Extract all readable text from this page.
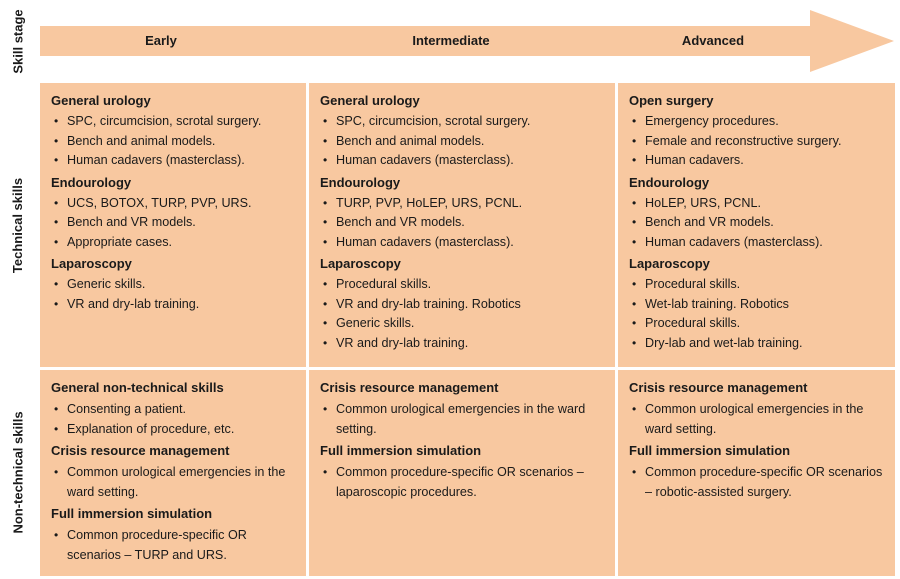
Skill stage
Technical skills
Non-technical skills
Early	Intermediate	Advanced
General urology
• SPC, circumcision, scrotal surgery.
• Bench and animal models.
• Human cadavers (masterclass).
Endourology
• UCS, BOTOX, TURP, PVP, URS.
• Bench and VR models.
• Appropriate cases.
Laparoscopy
• Generic skills.
• VR and dry-lab training.
General urology
• SPC, circumcision, scrotal surgery.
• Bench and animal models.
• Human cadavers (masterclass).
Endourology
• TURP, PVP, HoLEP, URS, PCNL.
• Bench and VR models.
• Human cadavers (masterclass).
Laparoscopy
• Procedural skills.
• VR and dry-lab training. Robotics
• Generic skills.
• VR and dry-lab training.
Open surgery
• Emergency procedures.
• Female and reconstructive surgery.
• Human cadavers.
Endourology
• HoLEP, URS, PCNL.
• Bench and VR models.
• Human cadavers (masterclass).
Laparoscopy
• Procedural skills.
• Wet-lab training. Robotics
• Procedural skills.
• Dry-lab and wet-lab training.
General non-technical skills
• Consenting a patient.
• Explanation of procedure, etc.
Crisis resource management
• Common urological emergencies in the ward setting.
Full immersion simulation
• Common procedure-specific OR scenarios – TURP and URS.
Crisis resource management
• Common urological emergencies in the ward setting.
Full immersion simulation
• Common procedure-specific OR scenarios – laparoscopic procedures.
Crisis resource management
• Common urological emergencies in the ward setting.
Full immersion simulation
• Common procedure-specific OR scenarios – robotic-assisted surgery.
